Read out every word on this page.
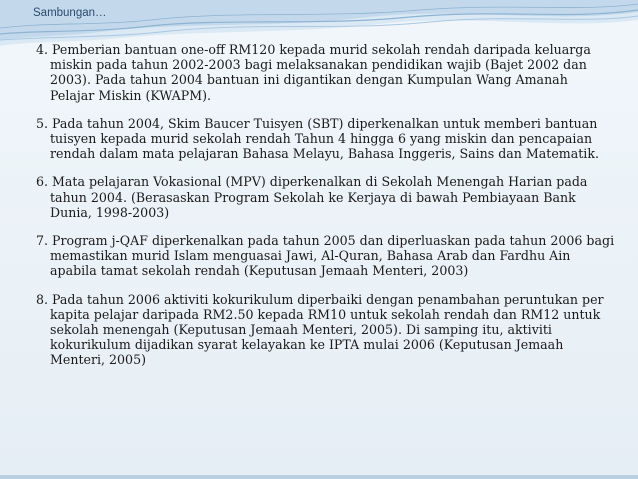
Sambungan…

4. Pemberian bantuan one-off RM120 kepada murid sekolah rendah daripada keluarga miskin pada tahun 2002-2003 bagi melaksanakan pendidikan wajib (Bajet 2002 dan 2003). Pada tahun 2004 bantuan ini digantikan dengan Kumpulan Wang Amanah Pelajar Miskin (KWAPM).

5. Pada tahun 2004, Skim Baucer Tuisyen (SBT) diperkenalkan untuk memberi bantuan tuisyen kepada murid sekolah rendah Tahun 4 hingga 6 yang miskin dan pencapaian rendah dalam mata pelajaran Bahasa Melayu, Bahasa Inggeris, Sains dan Matematik.

6. Mata pelajaran Vokasional (MPV) diperkenalkan di Sekolah Menengah Harian pada tahun 2004. (Berasaskan Program Sekolah ke Kerjaya di bawah Pembiayaan Bank Dunia, 1998-2003)

7. Program j-QAF diperkenalkan pada tahun 2005 dan diperluaskan pada tahun 2006 bagi memastikan murid Islam menguasai Jawi, Al-Quran, Bahasa Arab dan Fardhu Ain apabila tamat sekolah rendah (Keputusan Jemaah Menteri, 2003)

8. Pada tahun 2006 aktiviti kokurikulum diperbaiki dengan penambahan peruntukan per kapita pelajar daripada RM2.50 kepada RM10 untuk sekolah rendah dan RM12 untuk sekolah menengah (Keputusan Jemaah Menteri, 2005). Di samping itu, aktiviti kokurikulum dijadikan syarat kelayakan ke IPTA mulai 2006 (Keputusan Jemaah Menteri, 2005)
